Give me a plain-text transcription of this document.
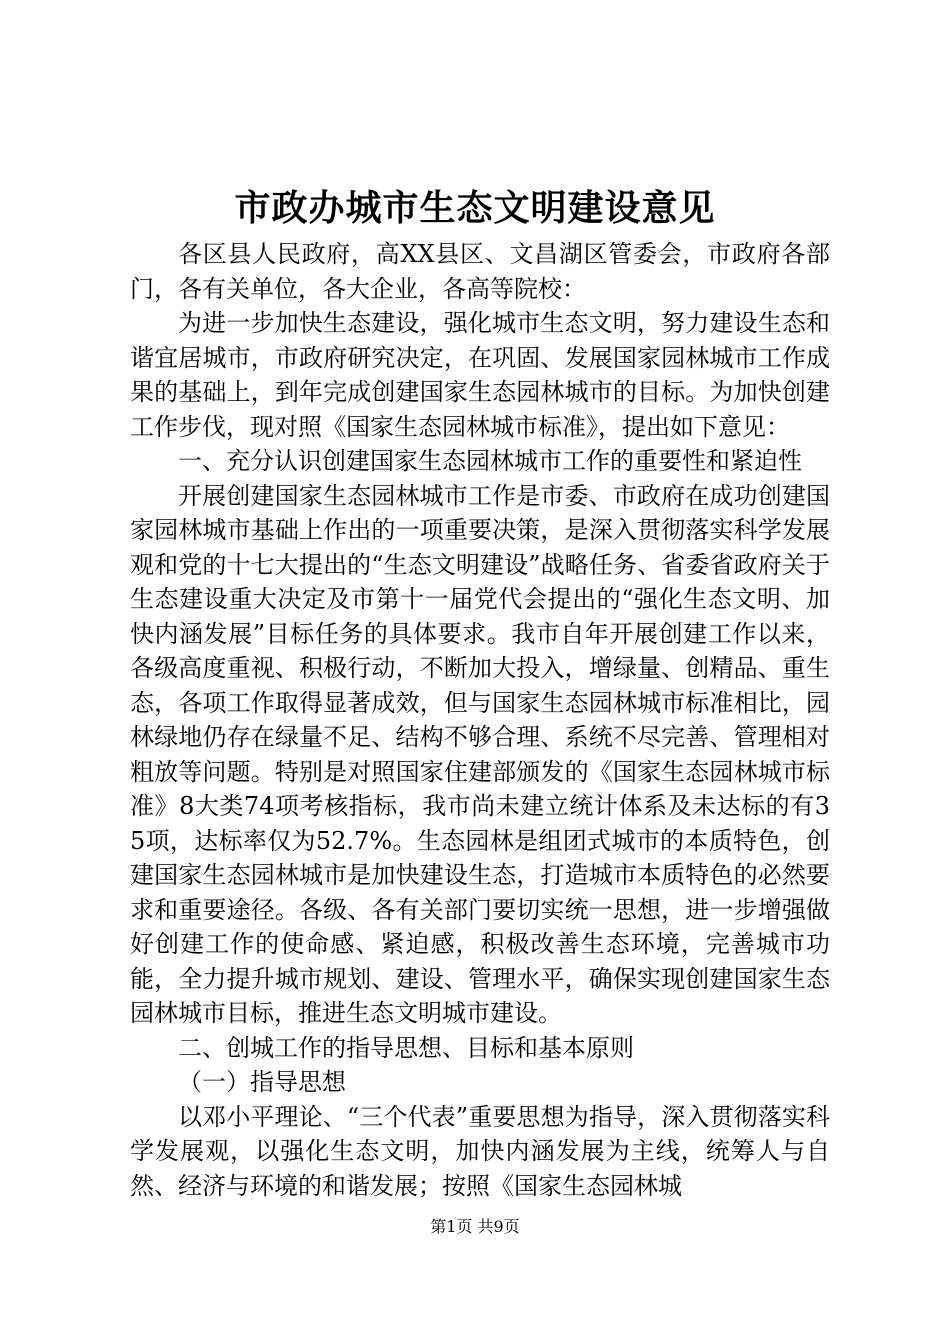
市政办城市生态文明建设意见

各区县人民政府，高XX县区、文昌湖区管委会，市政府各部门，各有关单位，各大企业，各高等院校：

为进一步加快生态建设，强化城市生态文明，努力建设生态和谐宜居城市，市政府研究决定，在巩固、发展国家园林城市工作成果的基础上，到年完成创建国家生态园林城市的目标。为加快创建工作步伐，现对照《国家生态园林城市标准》，提出如下意见：

一、充分认识创建国家生态园林城市工作的重要性和紧迫性

开展创建国家生态园林城市工作是市委、市政府在成功创建国家园林城市基础上作出的一项重要决策，是深入贯彻落实科学发展观和党的十七大提出的“生态文明建设”战略任务、省委省政府关于生态建设重大决定及市第十一届党代会提出的“强化生态文明、加快内涵发展”目标任务的具体要求。我市自年开展创建工作以来，各级高度重视、积极行动，不断加大投入，增绿量、创精品、重生态，各项工作取得显著成效，但与国家生态园林城市标准相比，园林绿地仍存在绿量不足、结构不够合理、系统不尽完善、管理相对粗放等问题。特别是对照国家住建部颁发的《国家生态园林城市标准》8大类74项考核指标，我市尚未建立统计体系及未达标的有35项，达标率仅为52.7%。生态园林是组团式城市的本质特色，创建国家生态园林城市是加快建设生态，打造城市本质特色的必然要求和重要途径。各级、各有关部门要切实统一思想，进一步增强做好创建工作的使命感、紧迫感，积极改善生态环境，完善城市功能，全力提升城市规划、建设、管理水平，确保实现创建国家生态园林城市目标，推进生态文明城市建设。

二、创城工作的指导思想、目标和基本原则

（一）指导思想

以邓小平理论、“三个代表”重要思想为指导，深入贯彻落实科学发展观，以强化生态文明，加快内涵发展为主线，统筹人与自然、经济与环境的和谐发展；按照《国家生态园林城

第1页 共9页
